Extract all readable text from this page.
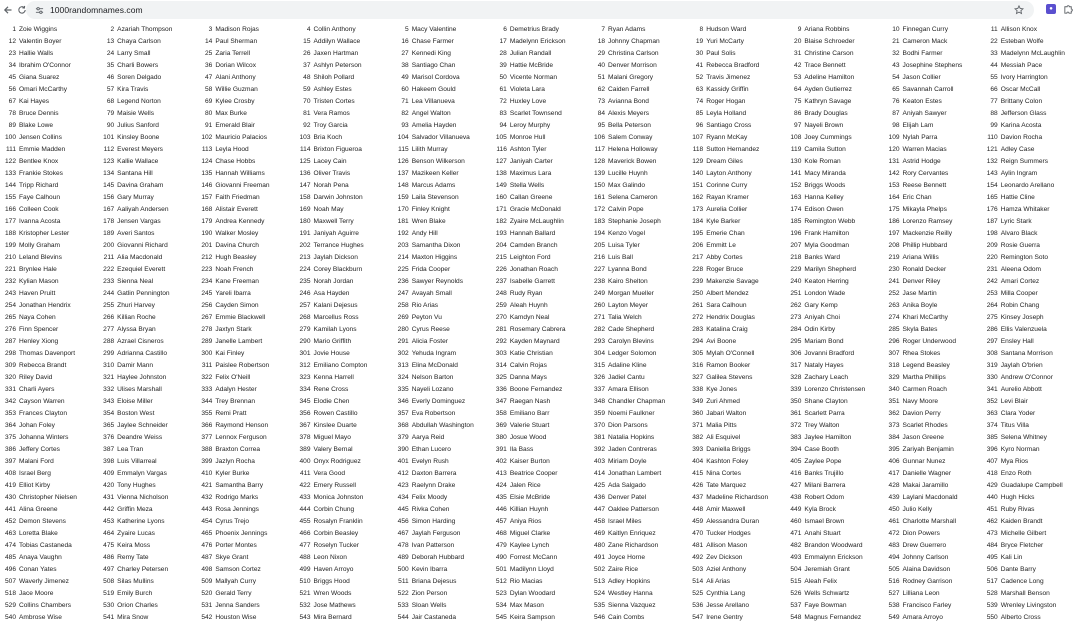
1000randomnames.com	●
1 Zoie Wiggins	2 Azariah Thompson	3 Madison Rojas	4 Collin Anthony	5 Macy Valentine	6 Demetrius Brady	7 Ryan Adams	8 Hudson Ward	9 Ariana Robbins	10 Finnegan Curry	11 Allison Knox
12 Valentin Boyer	13 Chaya Carlson	14 Paul Sherman	15 Addilyn Wallace	16 Chase Farmer	17 Madelynn Erickson	18 Johnny Chapman	19 Yuri McCarty	20 Blaise Schroeder	21 Cameron Mack	22 Esteban Wolfe
23 Hallie Walls	24 Larry Small	25 Zaria Terrell	26 Jaxen Hartman	27 Kennedi King	28 Julian Randall	29 Christina Carlson	30 Paul Solis	31 Christine Carson	32 Bodhi Farmer	33 Madelynn McLaughlin
34 Ibrahim O'Connor	35 Charli Bowers	36 Dorian Wilcox	37 Ashlyn Peterson	38 Santiago Chan	39 Hattie McBride	40 Denver Morrison	41 Rebecca Bradford	42 Trace Bennett	43 Josephine Stephens	44 Messiah Pace
45 Giana Suarez	46 Soren Delgado	47 Alani Anthony	48 Shiloh Pollard	49 Marisol Cordova	50 Vicente Norman	51 Malani Gregory	52 Travis Jimenez	53 Adeline Hamilton	54 Jason Collier	55 Ivory Harrington
56 Omari McCarthy	57 Kira Travis	58 Willie Guzman	59 Ashley Estes	60 Hakeem Gould	61 Violeta Lara	62 Caiden Farrell	63 Kassidy Griffin	64 Ayden Gutierrez	65 Savannah Carroll	66 Oscar McCall
67 Kai Hayes	68 Legend Norton	69 Kylee Crosby	70 Tristen Cortes	71 Lea Villanueva	72 Huxley Love	73 Avianna Bond	74 Roger Hogan	75 Kathryn Savage	76 Keaton Estes	77 Brittany Colon
78 Bruce Dennis	79 Maisie Wells	80 Max Burke	81 Vera Ramos	82 Angel Walton	83 Scarlet Townsend	84 Alexis Meyers	85 Leyla Holland	86 Brady Douglas	87 Aniyah Sawyer	88 Jefferson Glass
89 Blake Lowe	90 Julius Sanford	91 Emerald Blair	92 Troy Garcia	93 Amelia Hayden	94 Leroy Murphy	95 Bella Peterson	96 Santiago Cross	97 Nayeli Brown	98 Elijah Lam	99 Karina Acosta
100 Jensen Collins	101 Kinsley Boone	102 Mauricio Palacios	103 Bria Koch	104 Salvador Villanueva	105 Monroe Hull	106 Salem Conway	107 Ryann McKay	108 Joey Cummings	109 Nylah Parra	110 Davion Rocha
111 Emmie Madden	112 Everest Meyers	113 Leyla Hood	114 Brixton Figueroa	115 Lilith Murray	116 Ashton Tyler	117 Helena Holloway	118 Sutton Hernandez	119 Camila Sutton	120 Warren Macias	121 Adley Case
122 Bentlee Knox	123 Kallie Wallace	124 Chase Hobbs	125 Lacey Cain	126 Benson Wilkerson	127 Janiyah Carter	128 Maverick Bowen	129 Dream Giles	130 Kole Roman	131 Astrid Hodge	132 Reign Summers
133 Frankie Stokes	134 Santana Hill	135 Hannah Williams	136 Oliver Travis	137 Mazikeen Keller	138 Maximus Lara	139 Lucille Huynh	140 Layton Anthony	141 Macy Miranda	142 Rory Cervantes	143 Aylin Ingram
144 Tripp Richard	145 Davina Graham	146 Giovanni Freeman	147 Norah Pena	148 Marcus Adams	149 Stella Wells	150 Max Galindo	151 Corinne Curry	152 Briggs Woods	153 Reese Bennett	154 Leonardo Arellano
155 Faye Calhoun	156 Gary Murray	157 Faith Friedman	158 Darwin Johnston	159 Laila Stevenson	160 Callan Greene	161 Selena Cameron	162 Rayan Kramer	163 Hanna Kelley	164 Eric Chan	165 Hattie Cline
166 Colleen Cook	167 Aaliyah Andersen	168 Alistair Everett	169 Noah May	170 Finley Knight	171 Gracie McDonald	172 Calvin Pope	173 Aurelia Collier	174 Edison Owen	175 Mikayla Phelps	176 Hamza Whitaker
177 Ivanna Acosta	178 Jensen Vargas	179 Andrea Kennedy	180 Maxwell Terry	181 Wren Blake	182 Zyaire McLaughlin	183 Stephanie Joseph	184 Kyle Barker	185 Remington Webb	186 Lorenzo Ramsey	187 Lyric Stark
188 Kristopher Lester	189 Averi Santos	190 Walker Mosley	191 Janiyah Aguirre	192 Andy Hill	193 Hannah Ballard	194 Kenzo Vogel	195 Emerie Chan	196 Frank Hamilton	197 Mackenzie Reilly	198 Alvaro Black
199 Molly Graham	200 Giovanni Richard	201 Davina Church	202 Terrance Hughes	203 Samantha Dixon	204 Camden Branch	205 Luisa Tyler	206 Emmitt Le	207 Myla Goodman	208 Phillip Hubbard	209 Rosie Guerra
210 Leland Blevins	211 Alia Macdonald	212 Hugh Beasley	213 Jaylah Dickson	214 Maxton Higgins	215 Leighton Ford	216 Luis Ball	217 Abby Cortes	218 Banks Ward	219 Ariana Willis	220 Remington Soto
221 Brynlee Hale	222 Ezequiel Everett	223 Noah French	224 Corey Blackburn	225 Frida Cooper	226 Jonathan Roach	227 Lyanna Bond	228 Roger Bruce	229 Marilyn Shepherd	230 Ronald Decker	231 Aleena Odom
232 Kylian Mason	233 Sienna Neal	234 Kane Freeman	235 Norah Jordan	236 Sawyer Reynolds	237 Isabelle Garrett	238 Kairo Shelton	239 Makenzie Savage	240 Keaton Herring	241 Denver Riley	242 Amari Cortez
243 Haven Pruitt	244 Gatlin Pennington	245 Yareli Ibarra	246 Asa Hayden	247 Avayah Small	248 Rudy Ryan	249 Morgan Mueller	250 Albert Mendez	251 London Wade	252 Jase Martin	253 Milla Cooper
254 Jonathan Hendrix	255 Zhuri Harvey	256 Cayden Simon	257 Kalani Dejesus	258 Rio Arias	259 Aleah Huynh	260 Layton Meyer	261 Sara Calhoun	262 Gary Kemp	263 Anika Boyle	264 Robin Chang
265 Naya Cohen	266 Killian Roche	267 Emmie Blackwell	268 Marcellus Ross	269 Peyton Vu	270 Kamdyn Neal	271 Talia Welch	272 Hendrix Douglas	273 Aniyah Choi	274 Khari McCarthy	275 Kinsey Joseph
276 Finn Spencer	277 Alyssa Bryan	278 Jaxtyn Stark	279 Kamilah Lyons	280 Cyrus Reese	281 Rosemary Cabrera	282 Cade Shepherd	283 Katalina Craig	284 Odin Kirby	285 Skyla Bates	286 Ellis Valenzuela
287 Henley Xiong	288 Azrael Cisneros	289 Janelle Lambert	290 Mario Griffith	291 Alicia Foster	292 Kayden Maynard	293 Carolyn Blevins	294 Avi Boone	295 Mariam Bond	296 Roger Underwood	297 Ensley Hall
298 Thomas Davenport	299 Adrianna Castillo	300 Kai Finley	301 Jovie House	302 Yehuda Ingram	303 Katie Christian	304 Ledger Solomon	305 Mylah O'Connell	306 Jovanni Bradford	307 Rhea Stokes	308 Santana Morrison
309 Rebecca Brandt	310 Damir Mann	311 Paislee Robertson	312 Emiliano Compton	313 Elina McDonald	314 Calvin Rojas	315 Adaline Kline	316 Ramon Booker	317 Nataly Hayes	318 Legend Beasley	319 Jaylah O'brien
320 Riley David	321 Haylee Johnston	322 Felix O'Neill	323 Kenna Harrell	324 Nelson Barton	325 Danna Mays	326 Jadiel Cantu	327 Galilea Stevens	328 Zachary Leach	329 Martha Phillips	330 Andrew O'Connor
331 Charli Ayers	332 Ulises Marshall	333 Adalyn Hester	334 Rene Cross	335 Nayeli Lozano	336 Boone Fernandez	337 Amara Ellison	338 Kye Jones	339 Lorenzo Christensen	340 Carmen Roach	341 Aurelio Abbott
342 Cayson Warren	343 Eloise Miller	344 Trey Brennan	345 Elodie Chen	346 Everly Dominguez	347 Raegan Nash	348 Chandler Chapman	349 Zuri Ahmed	350 Shane Clayton	351 Navy Moore	352 Levi Blair
353 Frances Clayton	354 Boston West	355 Remi Pratt	356 Rowen Castillo	357 Eva Robertson	358 Emiliano Barr	359 Noemi Faulkner	360 Jabari Walton	361 Scarlett Parra	362 Davion Perry	363 Clara Yoder
364 Johan Foley	365 Jaylee Schneider	366 Raymond Henson	367 Kinslee Duarte	368 Abdullah Washington	369 Valerie Stuart	370 Dion Parsons	371 Malia Pitts	372 Trey Walton	373 Scarlet Rhodes	374 Titus Villa
375 Johanna Winters	376 Deandre Weiss	377 Lennox Ferguson	378 Miguel Mayo	379 Aarya Reid	380 Josue Wood	381 Natalia Hopkins	382 Ali Esquivel	383 Jaylee Hamilton	384 Jason Greene	385 Selena Whitney
386 Jeffery Cortes	387 Lea Tran	388 Braxton Correa	389 Valery Bernal	390 Ethan Lucero	391 Ila Bass	392 Jaden Contreras	393 Daniella Briggs	394 Case Booth	395 Zariyah Benjamin	396 Kyro Norman
397 Malani Ford	398 Luis Villarreal	399 Jazlyn Rocha	400 Onyx Rodriguez	401 Evelyn Rush	402 Kaiser Burton	403 Miriam Doyle	404 Kashton Foley	405 Zaylee Pope	406 Gunnar Nunez	407 Mya Rios
408 Israel Berg	409 Emmalyn Vargas	410 Kyler Burke	411 Vera Good	412 Daxton Barrera	413 Beatrice Cooper	414 Jonathan Lambert	415 Nina Cortes	416 Banks Trujillo	417 Danielle Wagner	418 Enzo Roth
419 Elliot Kirby	420 Tony Hughes	421 Samantha Barry	422 Emery Russell	423 Raelynn Drake	424 Jalen Rice	425 Ada Salgado	426 Tate Marquez	427 Milani Barrera	428 Makai Jaramillo	429 Guadalupe Campbell
430 Christopher Nielsen	431 Vienna Nicholson	432 Rodrigo Marks	433 Monica Johnston	434 Felix Moody	435 Elsie McBride	436 Denver Patel	437 Madeline Richardson	438 Robert Odom	439 Laylani Macdonald	440 Hugh Hicks
441 Alina Greene	442 Griffin Meza	443 Rosa Jennings	444 Corbin Chung	445 Rivka Cohen	446 Killian Huynh	447 Oaklee Patterson	448 Amir Maxwell	449 Kyla Brock	450 Julio Kelly	451 Ruby Rivas
452 Demon Stevens	453 Katherine Lyons	454 Cyrus Trejo	455 Rosalyn Franklin	456 Simon Harding	457 Aniya Rios	458 Israel Miles	459 Alessandra Duran	460 Ismael Brown	461 Charlotte Marshall	462 Kaiden Brandt
463 Loretta Blake	464 Zyaire Lucas	465 Phoenix Jennings	466 Corbin Beasley	467 Jaylah Ferguson	468 Miguel Clarke	469 Kaitlyn Enriquez	470 Tucker Hodges	471 Anahi Stuart	472 Dion Powers	473 Michelle Gilbert
474 Tobias Castaneda	475 Keira Moss	476 Porter Montes	477 Roselyn Tucker	478 Ivan Patterson	479 Kaylee Lynch	480 Zane Richardson	481 Allison Mason	482 Brandon Woodward	483 Drew Guerrero	484 Bryce Fletcher
485 Anaya Vaughn	486 Remy Tate	487 Skye Grant	488 Leon Nixon	489 Deborah Hubbard	490 Forrest McCann	491 Joyce Horne	492 Zev Dickson	493 Emmalynn Erickson	494 Johnny Carlson	495 Kali Lin
496 Conan Yates	497 Charley Petersen	498 Samson Cortez	499 Haven Arroyo	500 Kevin Ibarra	501 Madilynn Lloyd	502 Zaire Rice	503 Aziel Anthony	504 Jeremiah Grant	505 Alaina Davidson	506 Dante Barry
507 Waverly Jimenez	508 Silas Mullins	509 Mallyah Curry	510 Briggs Hood	511 Briana Dejesus	512 Rio Macias	513 Adley Hopkins	514 Ali Arias	515 Aleah Felix	516 Rodney Garrison	517 Cadence Long
518 Jace Moore	519 Emily Burch	520 Gerald Terry	521 Wren Woods	522 Zion Person	523 Dylan Woodard	524 Westley Hanna	525 Cynthia Lang	526 Wells Schwartz	527 Lilliana Leon	528 Marshall Benson
529 Collins Chambers	530 Orion Charles	531 Jenna Sanders	532 Jose Mathews	533 Sloan Wells	534 Max Mason	535 Sienna Vazquez	536 Jesse Arellano	537 Faye Bowman	538 Francisco Farley	539 Wrenley Livingston
540 Ambrose Wise	541 Mira Snow	542 Houston Wise	543 Mira Bernard	544 Jair Castaneda	545 Keira Sampson	546 Cain Combs	547 Irene Gentry	548 Magnus Fernandez	549 Amara Arroyo	550 Alberto Cross
